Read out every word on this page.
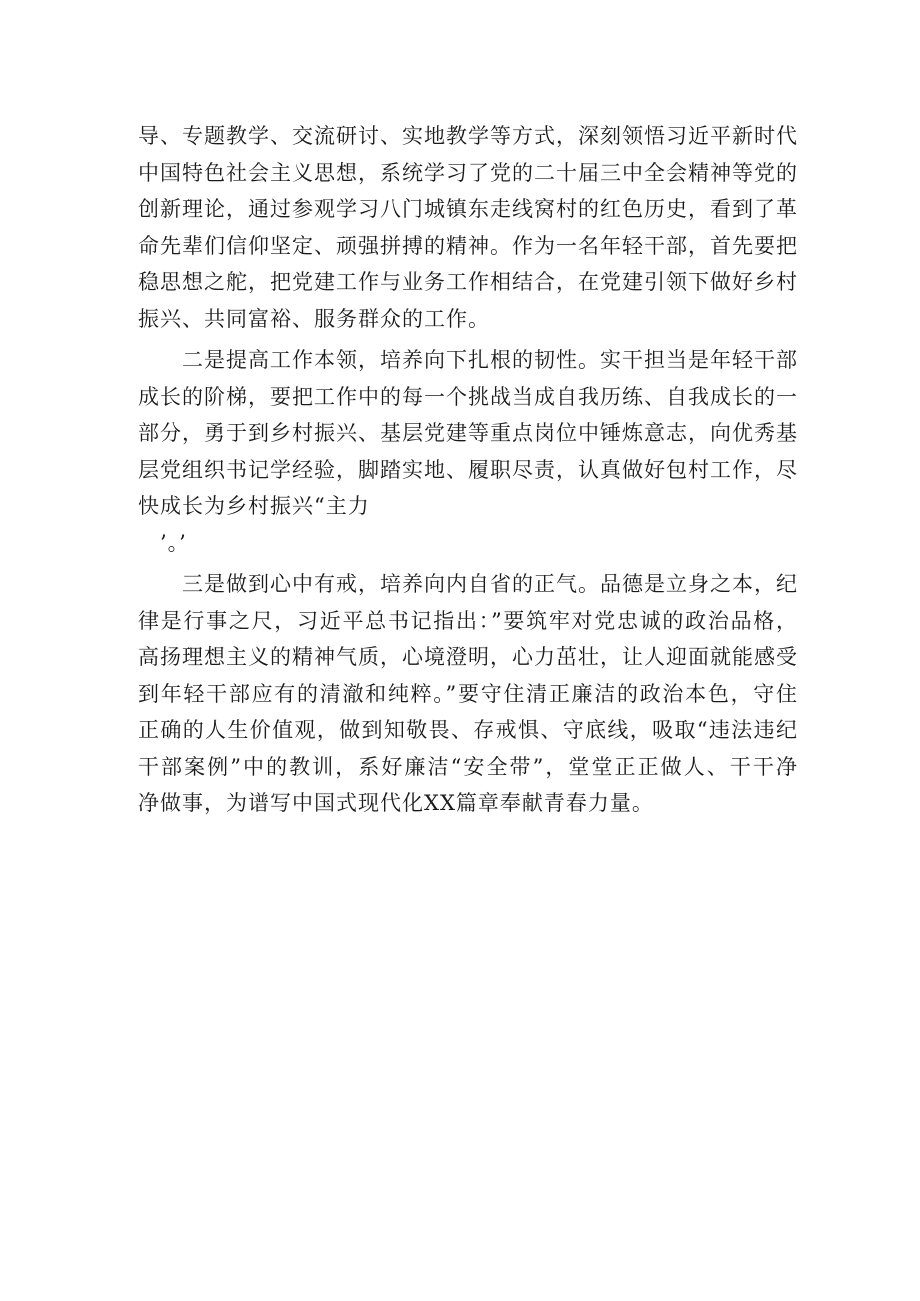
导、专题教学、交流研讨、实地教学等方式，深刻领悟习近平新时代
中国特色社会主义思想，系统学习了党的二十届三中全会精神等党的
创新理论，通过参观学习八门城镇东走线窝村的红色历史，看到了革
命先辈们信仰坚定、顽强拼搏的精神。作为一名年轻干部，首先要把
稳思想之舵，把党建工作与业务工作相结合，在党建引领下做好乡村
振兴、共同富裕、服务群众的工作。
二是提高工作本领，培养向下扎根的韧性。实干担当是年轻干部
成长的阶梯，要把工作中的每一个挑战当成自我历练、自我成长的一
部分，勇于到乡村振兴、基层党建等重点岗位中锤炼意志，向优秀基
层党组织书记学经验，脚踏实地、履职尽责，认真做好包村工作，尽
快成长为乡村振兴“主力
’。’
三是做到心中有戒，培养向内自省的正气。品德是立身之本，纪
律是行事之尺，习近平总书记指出：”要筑牢对党忠诚的政治品格，
高扬理想主义的精神气质，心境澄明，心力茁壮，让人迎面就能感受
到年轻干部应有的清澈和纯粹。”要守住清正廉洁的政治本色，守住
正确的人生价值观，做到知敬畏、存戒惧、守底线，吸取“违法违纪
干部案例”中的教训，系好廉洁“安全带”，堂堂正正做人、干干净
净做事，为谱写中国式现代化XX篇章奉献青春力量。
